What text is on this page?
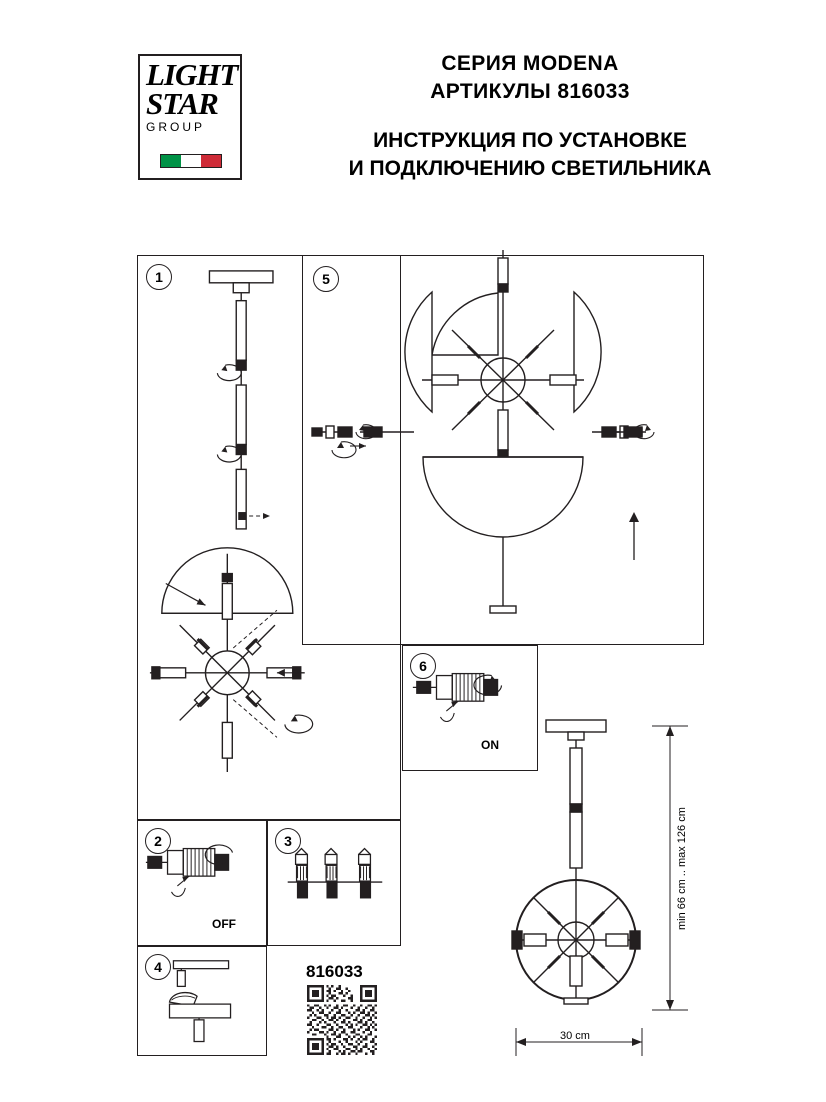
LIGHT
STAR
GROUP
СЕРИЯ MODENA
АРТИКУЛЫ 816033
ИНСТРУКЦИЯ ПО УСТАНОВКЕ
И ПОДКЛЮЧЕНИЮ СВЕТИЛЬНИКА
1	5
6
ON
2
OFF
3
4	816033
min 66 cm .. max 126 cm
30 cm
